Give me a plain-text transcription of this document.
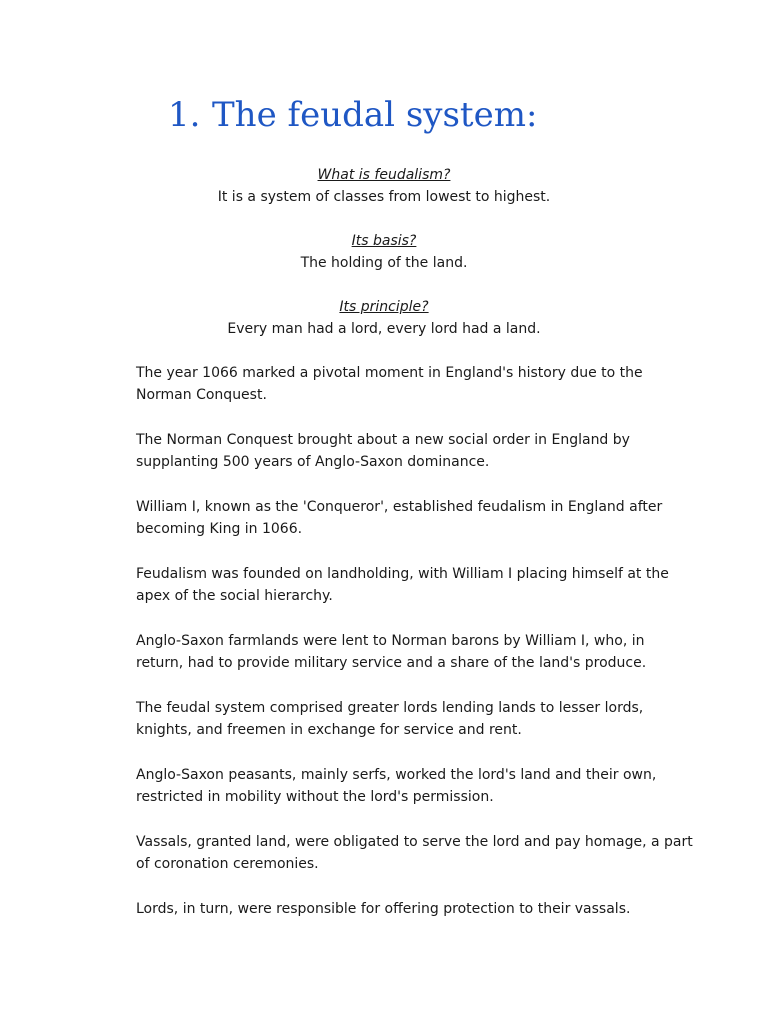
1. The feudal system:
What is feudalism?
It is a system of classes from lowest to highest.
Its basis?
The holding of the land.
Its principle?
Every man had a lord, every lord had a land.

The year 1066 marked a pivotal moment in England's history due to the Norman Conquest.

The Norman Conquest brought about a new social order in England by supplanting 500 years of Anglo-Saxon dominance.

William I, known as the 'Conqueror', established feudalism in England after becoming King in 1066.

Feudalism was founded on landholding, with William I placing himself at the apex of the social hierarchy.

Anglo-Saxon farmlands were lent to Norman barons by William I, who, in return, had to provide military service and a share of the land's produce.

The feudal system comprised greater lords lending lands to lesser lords, knights, and freemen in exchange for service and rent.

Anglo-Saxon peasants, mainly serfs, worked the lord's land and their own, restricted in mobility without the lord's permission.

Vassals, granted land, were obligated to serve the lord and pay homage, a part of coronation ceremonies.

Lords, in turn, were responsible for offering protection to their vassals.
